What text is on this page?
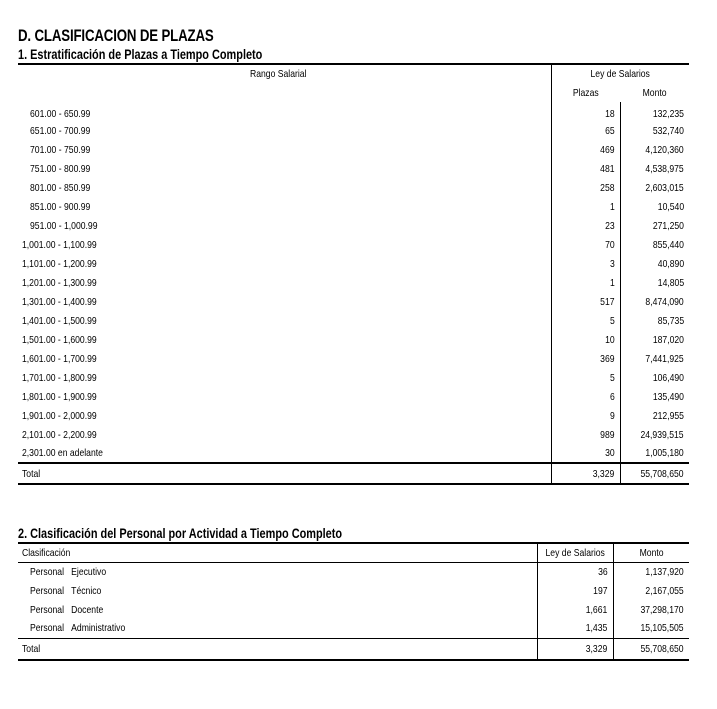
D. CLASIFICACION DE PLAZAS
1. Estratificación de Plazas a Tiempo Completo
Rango Salarial	Ley de Salarios	
	Plazas	Monto
601.00 - 650.99	18	132,235
651.00 - 700.99	65	532,740
701.00 - 750.99	469	4,120,360
751.00 - 800.99	481	4,538,975
801.00 - 850.99	258	2,603,015
851.00 - 900.99	1	10,540
951.00 - 1,000.99	23	271,250
1,001.00 - 1,100.99	70	855,440
1,101.00 - 1,200.99	3	40,890
1,201.00 - 1,300.99	1	14,805
1,301.00 - 1,400.99	517	8,474,090
1,401.00 - 1,500.99	5	85,735
1,501.00 - 1,600.99	10	187,020
1,601.00 - 1,700.99	369	7,441,925
1,701.00 - 1,800.99	5	106,490
1,801.00 - 1,900.99	6	135,490
1,901.00 - 2,000.99	9	212,955
2,101.00 - 2,200.99	989	24,939,515
2,301.00 en adelante	30	1,005,180
Total	3,329	55,708,650
2. Clasificación del Personal por Actividad a Tiempo Completo
Clasificación	Ley de Salarios	Monto
Personal Ejecutivo	36	1,137,920
Personal Técnico	197	2,167,055
Personal Docente	1,661	37,298,170
Personal Administrativo	1,435	15,105,505
Total	3,329	55,708,650
